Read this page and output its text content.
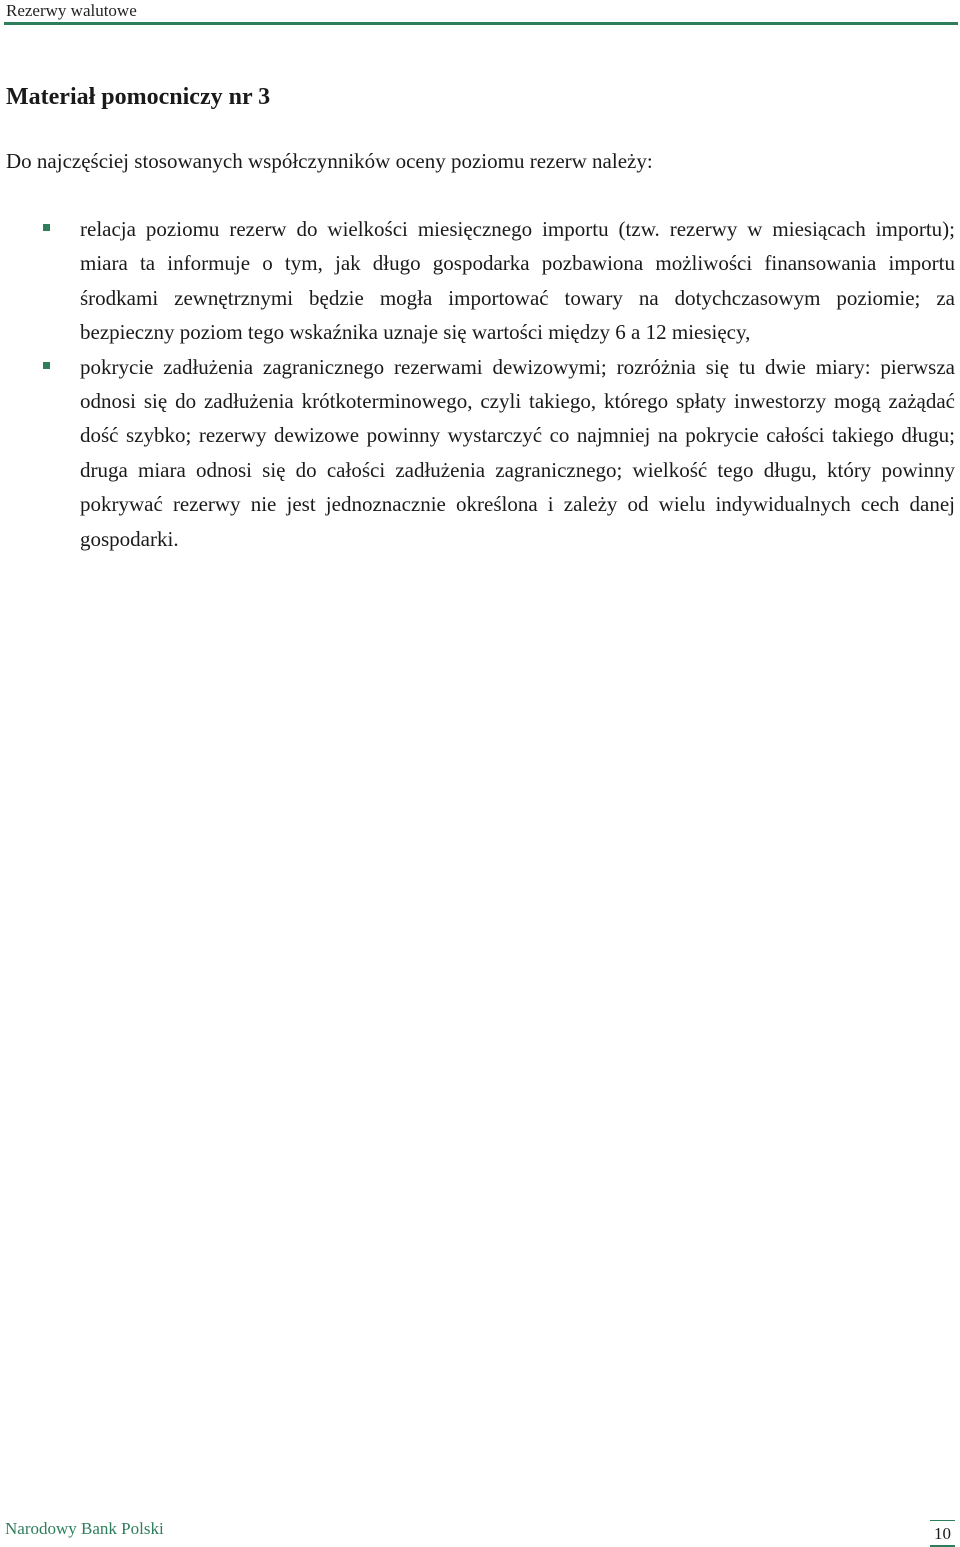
Rezerwy walutowe
Materiał pomocniczy nr 3

Do najczęściej stosowanych współczynników oceny poziomu rezerw należy:

relacja poziomu rezerw do wielkości miesięcznego importu (tzw. rezerwy w miesiącach importu); miara ta informuje o tym, jak długo gospodarka pozbawiona możliwości finansowania importu środkami zewnętrznymi będzie mogła importować towary na dotychczasowym poziomie; za bezpieczny poziom tego wskaźnika uznaje się wartości między 6 a 12 miesięcy,
pokrycie zadłużenia zagranicznego rezerwami dewizowymi; rozróżnia się tu dwie miary: pierwsza odnosi się do zadłużenia krótkoterminowego, czyli takiego, którego spłaty inwestorzy mogą zażądać dość szybko; rezerwy dewizowe powinny wystarczyć co najmniej na pokrycie całości takiego długu; druga miara odnosi się do całości zadłużenia zagranicznego; wielkość tego długu, który powinny pokrywać rezerwy nie jest jednoznacznie określona i zależy od wielu indywidualnych cech danej gospodarki.
Narodowy Bank Polski	10
